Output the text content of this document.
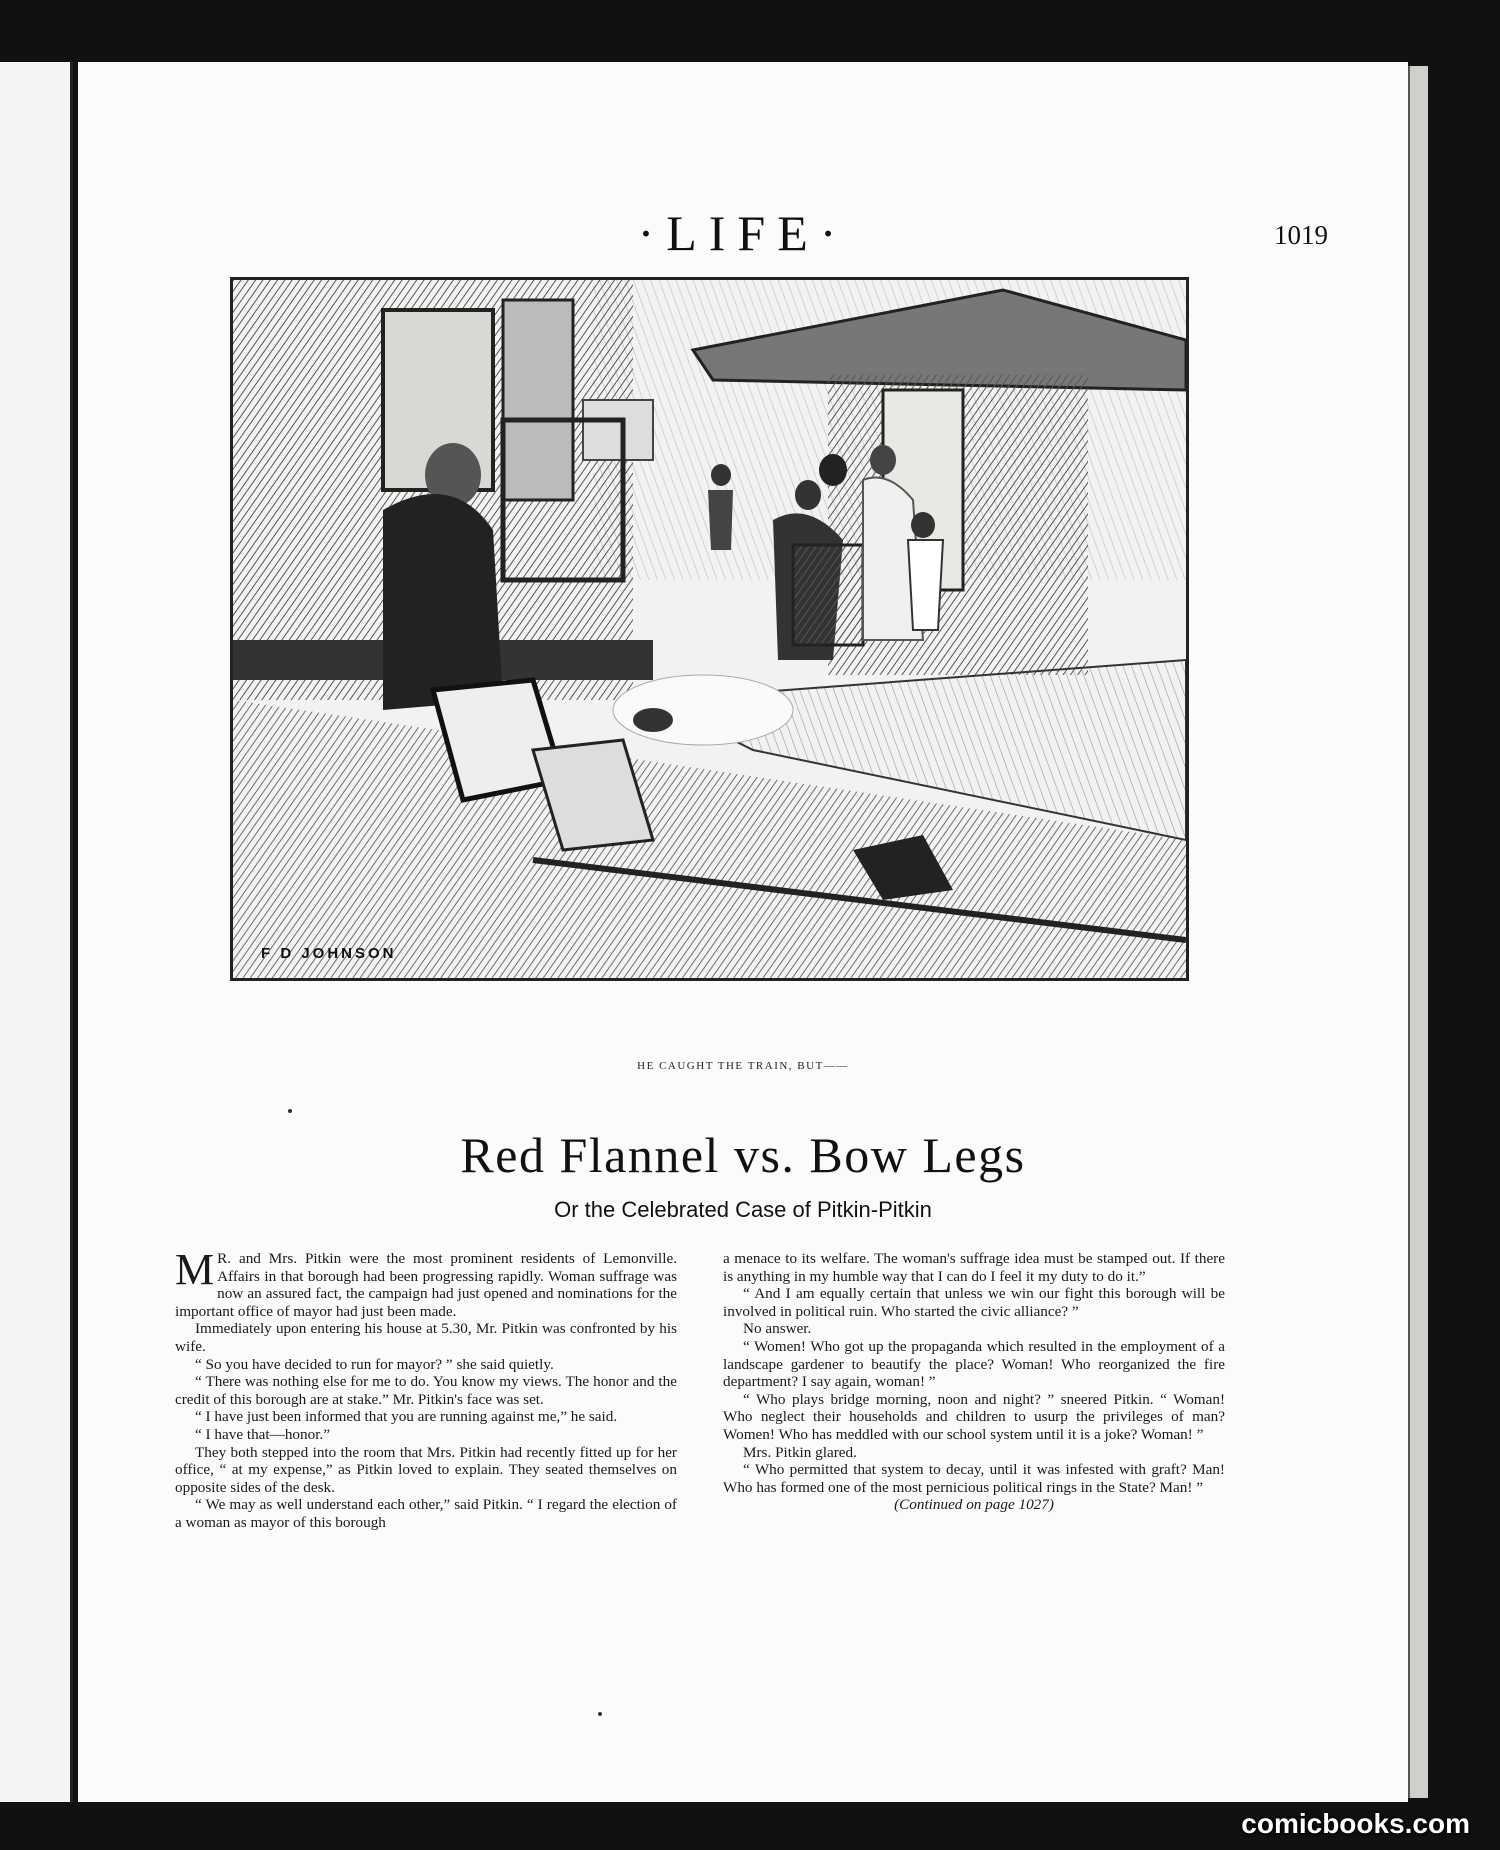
·LIFE·	1019
F D JOHNSON
HE CAUGHT THE TRAIN, BUT——
Red Flannel vs. Bow Legs
Or the Celebrated Case of Pitkin-Pitkin

M R. and Mrs. Pitkin were the most prominent residents of Lemonville. Affairs in that borough had been progressing rapidly. Woman suffrage was now an assured fact, the campaign had just opened and nominations for the important office of mayor had just been made.

Immediately upon entering his house at 5.30, Mr. Pitkin was confronted by his wife.

“ So you have decided to run for mayor? ” she said quietly.

“ There was nothing else for me to do. You know my views. The honor and the credit of this borough are at stake.” Mr. Pitkin's face was set.

“ I have just been informed that you are running against me,” he said.

“ I have that—honor.”

They both stepped into the room that Mrs. Pitkin had recently fitted up for her office, “ at my expense,” as Pitkin loved to explain. They seated themselves on opposite sides of the desk.

“ We may as well understand each other,” said Pitkin. “ I regard the election of a woman as mayor of this borough

a menace to its welfare. The woman's suffrage idea must be stamped out. If there is anything in my humble way that I can do I feel it my duty to do it.”

“ And I am equally certain that unless we win our fight this borough will be involved in political ruin. Who started the civic alliance? ”

No answer.

“ Women! Who got up the propaganda which resulted in the employment of a landscape gardener to beautify the place? Woman! Who reorganized the fire department? I say again, woman! ”

“ Who plays bridge morning, noon and night? ” sneered Pitkin. “ Woman! Who neglect their households and children to usurp the privileges of man? Women! Who has meddled with our school system until it is a joke? Woman! ”

Mrs. Pitkin glared.

“ Who permitted that system to decay, until it was infested with graft? Man! Who has formed one of the most pernicious political rings in the State? Man! ”

(Continued on page 1027)

comicbooks.com
